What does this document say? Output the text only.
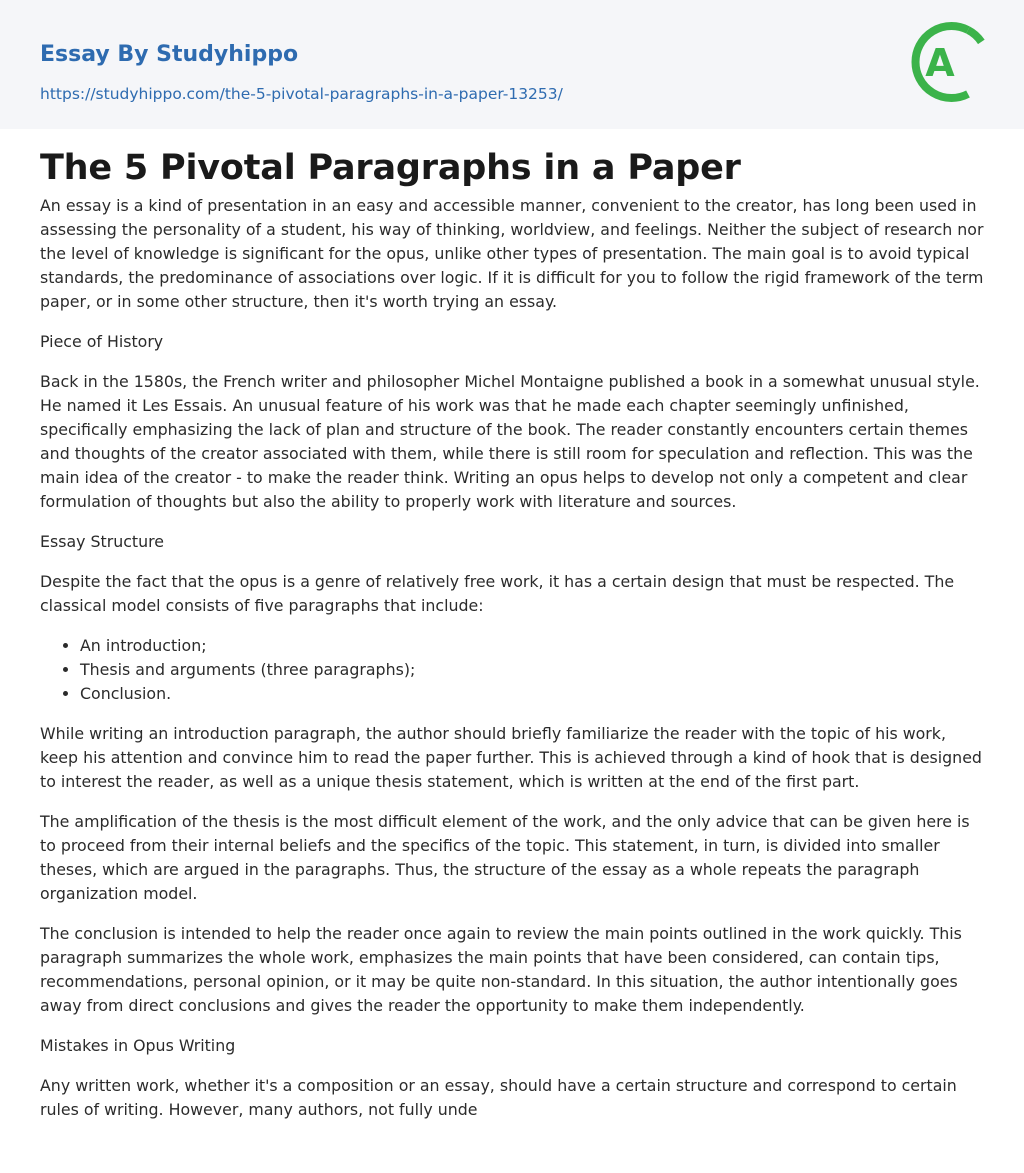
Essay By Studyhippo
https://studyhippo.com/the-5-pivotal-paragraphs-in-a-paper-13253/
A
The 5 Pivotal Paragraphs in a Paper

An essay is a kind of presentation in an easy and accessible manner, convenient to the creator, has long been used in assessing the personality of a student, his way of thinking, worldview, and feelings. Neither the subject of research nor the level of knowledge is significant for the opus, unlike other types of presentation. The main goal is to avoid typical standards, the predominance of associations over logic. If it is difficult for you to follow the rigid framework of the term paper, or in some other structure, then it's worth trying an essay.

Piece of History

Back in the 1580s, the French writer and philosopher Michel Montaigne published a book in a somewhat unusual style. He named it Les Essais. An unusual feature of his work was that he made each chapter seemingly unfinished, specifically emphasizing the lack of plan and structure of the book. The reader constantly encounters certain themes and thoughts of the creator associated with them, while there is still room for speculation and reflection. This was the main idea of the creator - to make the reader think. Writing an opus helps to develop not only a competent and clear formulation of thoughts but also the ability to properly work with literature and sources.

Essay Structure

Despite the fact that the opus is a genre of relatively free work, it has a certain design that must be respected. The classical model consists of five paragraphs that include:

• An introduction;
• Thesis and arguments (three paragraphs);
• Conclusion.

While writing an introduction paragraph, the author should briefly familiarize the reader with the topic of his work, keep his attention and convince him to read the paper further. This is achieved through a kind of hook that is designed to interest the reader, as well as a unique thesis statement, which is written at the end of the first part.

The amplification of the thesis is the most difficult element of the work, and the only advice that can be given here is to proceed from their internal beliefs and the specifics of the topic. This statement, in turn, is divided into smaller theses, which are argued in the paragraphs. Thus, the structure of the essay as a whole repeats the paragraph organization model.

The conclusion is intended to help the reader once again to review the main points outlined in the work quickly. This paragraph summarizes the whole work, emphasizes the main points that have been considered, can contain tips, recommendations, personal opinion, or it may be quite non-standard. In this situation, the author intentionally goes away from direct conclusions and gives the reader the opportunity to make them independently.

Mistakes in Opus Writing

Any written work, whether it's a composition or an essay, should have a certain structure and correspond to certain rules of writing. However, many authors, not fully unde
